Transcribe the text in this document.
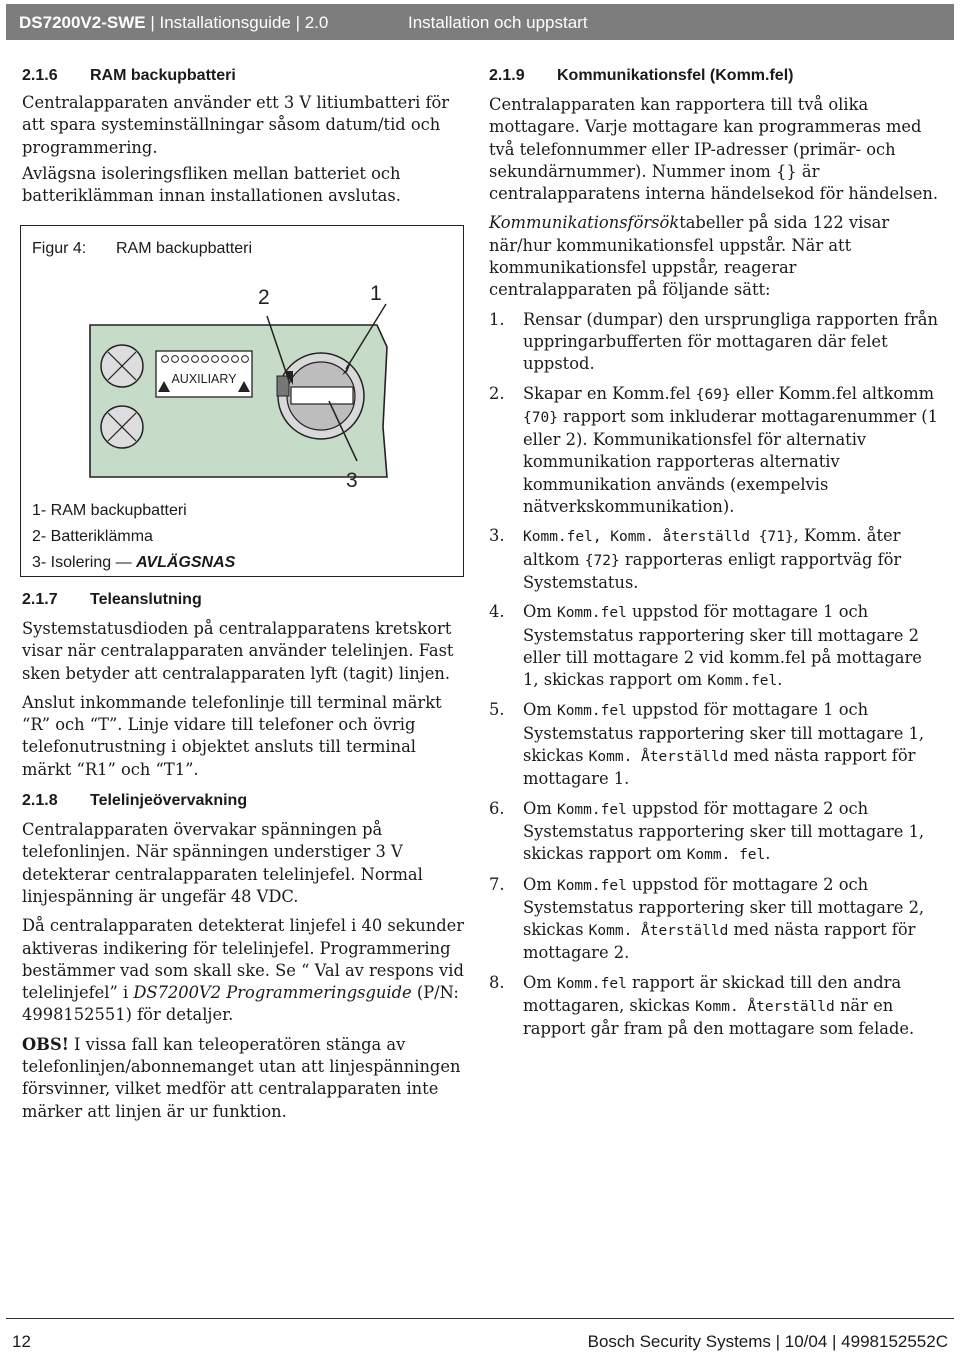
DS7200V2-SWE | Installationsguide | 2.0	Installation och uppstart

2.1.6 RAM backupbatteri

Centralapparaten använder ett 3 V litiumbatteri för att spara systeminställningar såsom datum/tid och programmering.

Avlägsna isoleringsfliken mellan batteriet och batteriklämman innan installationen avslutas.

Figur 4: RAM backupbatteri
AUXILIARY
2	1
3
1- RAM backupbatteri
2- Batteriklämma
3- Isolering — AVLÄGSNAS

2.1.7 Teleanslutning

Systemstatusdioden på centralapparatens kretskort visar när centralapparaten använder telelinjen. Fast sken betyder att centralapparaten lyft (tagit) linjen.

Anslut inkommande telefonlinje till terminal märkt “R” och “T”. Linje vidare till telefoner och övrig telefonutrustning i objektet ansluts till terminal märkt “R1” och “T1”.

2.1.8 Telelinjeövervakning

Centralapparaten övervakar spänningen på telefonlinjen. När spänningen understiger 3 V detekterar centralapparaten telelinjefel. Normal linjespänning är ungefär 48 VDC.

Då centralapparaten detekterat linjefel i 40 sekunder aktiveras indikering för telelinjefel. Programmering bestämmer vad som skall ske. Se “ Val av respons vid telelinjefel” i DS7200V2 Programmeringsguide (P/N: 4998152551) för detaljer.

OBS! I vissa fall kan teleoperatören stänga av telefonlinjen/abonnemanget utan att linjespänningen försvinner, vilket medför att centralapparaten inte märker att linjen är ur funktion.

2.1.9 Kommunikationsfel (Komm.fel)

Centralapparaten kan rapportera till två olika mottagare. Varje mottagare kan programmeras med två telefonnummer eller IP-adresser (primär- och sekundärnummer). Nummer inom {} är centralapparatens interna händelsekod för händelsen.

Kommunikationsförsöktabeller på sida 122 visar när/hur kommunikationsfel uppstår. När att kommunikationsfel uppstår, reagerar centralapparaten på följande sätt:

1. Rensar (dumpar) den ursprungliga rapporten från uppringarbufferten för mottagaren där felet uppstod.
2. Skapar en Komm.fel {69} eller Komm.fel altkomm {70} rapport som inkluderar mottagarenummer (1 eller 2). Kommunikationsfel för alternativ kommunikation rapporteras alternativ kommunikation används (exempelvis nätverkskommunikation).
3. Komm.fel, Komm. återställd {71}, Komm. åter altkom {72} rapporteras enligt rapportväg för Systemstatus.
4. Om Komm.fel uppstod för mottagare 1 och Systemstatus rapportering sker till mottagare 2 eller till mottagare 2 vid komm.fel på mottagare 1, skickas rapport om Komm.fel.
5. Om Komm.fel uppstod för mottagare 1 och Systemstatus rapportering sker till mottagare 1, skickas Komm. Återställd med nästa rapport för mottagare 1.
6. Om Komm.fel uppstod för mottagare 2 och Systemstatus rapportering sker till mottagare 1, skickas rapport om Komm. fel.
7. Om Komm.fel uppstod för mottagare 2 och Systemstatus rapportering sker till mottagare 2, skickas Komm. Återställd med nästa rapport för mottagare 2.
8. Om Komm.fel rapport är skickad till den andra mottagaren, skickas Komm. Återställd när en rapport går fram på den mottagare som felade.
12	Bosch Security Systems | 10/04 | 4998152552C
